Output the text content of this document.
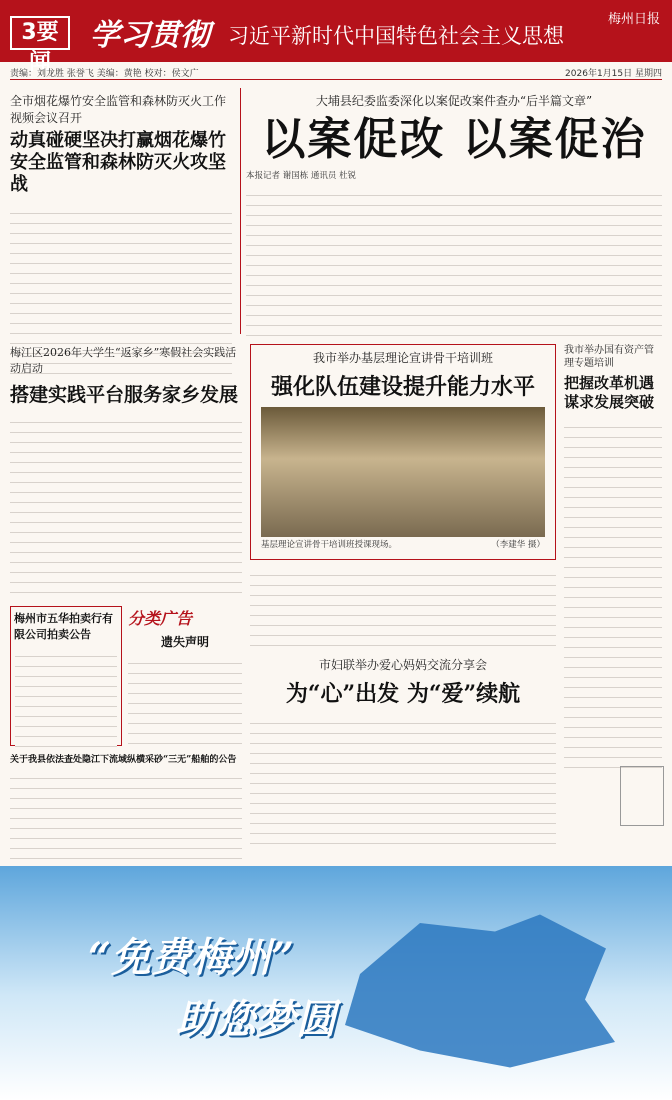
3要闻
学习贯彻 习近平新时代中国特色社会主义思想
梅州日报
责编：刘龙胜 张誉飞 美编：黄艳 校对：侯文广	2026年1月15日 星期四
全市烟花爆竹安全监管和森林防灭火工作视频会议召开
动真碰硬坚决打赢烟花爆竹安全监管和森林防灭火攻坚战
大埔县纪委监委深化以案促改案件查办“后半篇文章”
以案促改 以案促治
本报记者 谢国栋 通讯员 杜锐
我市举办基层理论宣讲骨干培训班
强化队伍建设提升能力水平
基层理论宣讲骨干培训班授课现场。	（李建华 摄）
我市举办国有资产管理专题培训
把握改革机遇谋求发展突破
梅江区2026年大学生“返家乡”寒假社会实践活动启动
搭建实践平台服务家乡发展
梅州市五华拍卖行有限公司拍卖公告
分类广告
遗失声明
市妇联举办爱心妈妈交流分享会
为“心”出发 为“爱”续航
关于我县依法查处隐江下流域纵横采砂“三无”船舶的公告
“免费梅州”
助您梦圆
